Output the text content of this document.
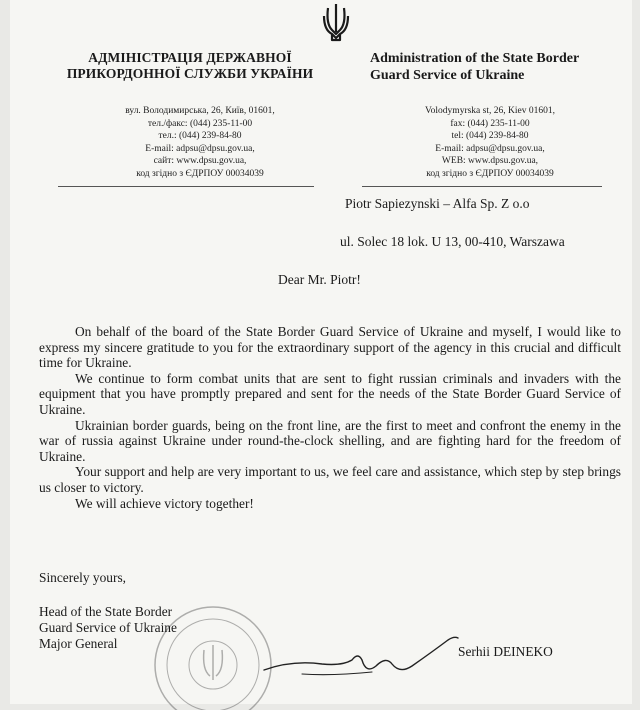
АДМІНІСТРАЦІЯ ДЕРЖАВНОЇ
ПРИКОРДОННОЇ СЛУЖБИ УКРАЇНИ
Administration of the State Border
Guard Service of Ukraine
вул. Володимирська, 26, Київ, 01601,
тел./факс: (044) 235-11-00
тел.: (044) 239-84-80
E-mail: adpsu@dpsu.gov.ua,
сайт: www.dpsu.gov.ua,
код згідно з ЄДРПОУ 00034039
Volodymyrska st, 26, Kiev 01601,
fax: (044) 235-11-00
tel: (044) 239-84-80
E-mail: adpsu@dpsu.gov.ua,
WEB: www.dpsu.gov.ua,
код згідно з ЄДРПОУ 00034039
Piotr Sapiezynski – Alfa Sp. Z o.o
ul. Solec 18 lok. U 13, 00-410, Warszawa
Dear Mr. Piotr!

On behalf of the board of the State Border Guard Service of Ukraine and myself, I would like to express my sincere gratitude to you for the extraordinary support of the agency in this crucial and difficult time for Ukraine.

We continue to form combat units that are sent to fight russian criminals and invaders with the equipment that you have promptly prepared and sent for the needs of the State Border Guard Service of Ukraine.

Ukrainian border guards, being on the front line, are the first to meet and confront the enemy in the war of russia against Ukraine under round-the-clock shelling, and are fighting hard for the freedom of Ukraine.

Your support and help are very important to us, we feel care and assistance, which step by step brings us closer to victory.

We will achieve victory together!

Sincerely yours,
Head of the State Border
Guard Service of Ukraine
Major General
Serhii DEINEKO
